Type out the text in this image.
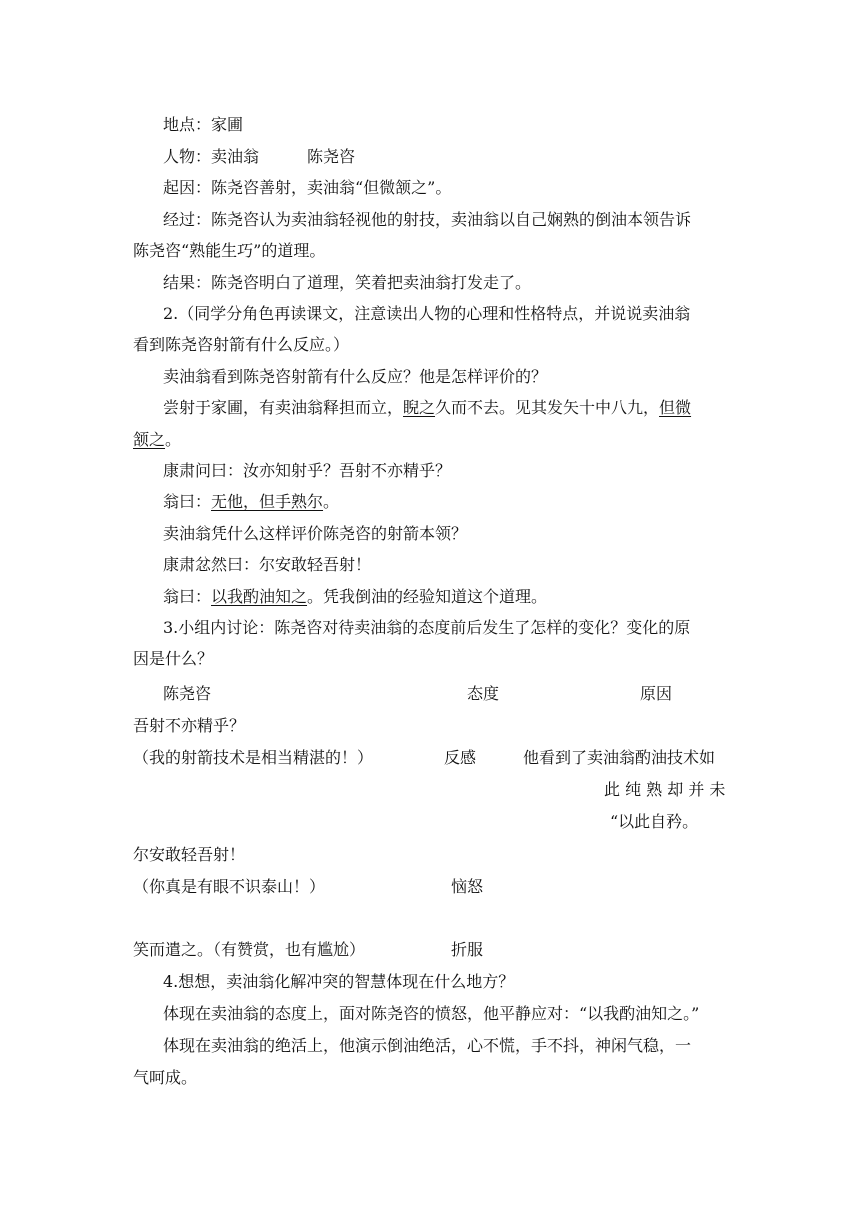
地点：家圃
人物：卖油翁	陈尧咨
起因：陈尧咨善射，卖油翁“但微颔之”。
经过：陈尧咨认为卖油翁轻视他的射技，卖油翁以自己娴熟的倒油本领告诉
陈尧咨“熟能生巧”的道理。
结果：陈尧咨明白了道理，笑着把卖油翁打发走了。
2.（同学分角色再读课文，注意读出人物的心理和性格特点，并说说卖油翁
看到陈尧咨射箭有什么反应。）
卖油翁看到陈尧咨射箭有什么反应？他是怎样评价的？
尝射于家圃，有卖油翁释担而立，睨之久而不去。见其发矢十中八九，但微
颔之。
康肃问曰：汝亦知射乎？吾射不亦精乎？
翁曰：无他，但手熟尔。
卖油翁凭什么这样评价陈尧咨的射箭本领？
康肃忿然曰：尔安敢轻吾射！
翁曰：以我酌油知之。凭我倒油的经验知道这个道理。
3.小组内讨论：陈尧咨对待卖油翁的态度前后发生了怎样的变化？变化的原
因是什么？
陈尧咨	态度	原因
吾射不亦精乎？
（我的射箭技术是相当精湛的！）	反感	他看到了卖油翁酌油技术如
此 纯 熟 却 并 未
“以此自矜。
尔安敢轻吾射！
（你真是有眼不识泰山！）	恼怒
笑而遣之。（有赞赏，也有尴尬）	折服
4.想想，卖油翁化解冲突的智慧体现在什么地方？
体现在卖油翁的态度上，面对陈尧咨的愤怒，他平静应对：“以我酌油知之。”
体现在卖油翁的绝活上，他演示倒油绝活，心不慌，手不抖，神闲气稳，一
气呵成。
